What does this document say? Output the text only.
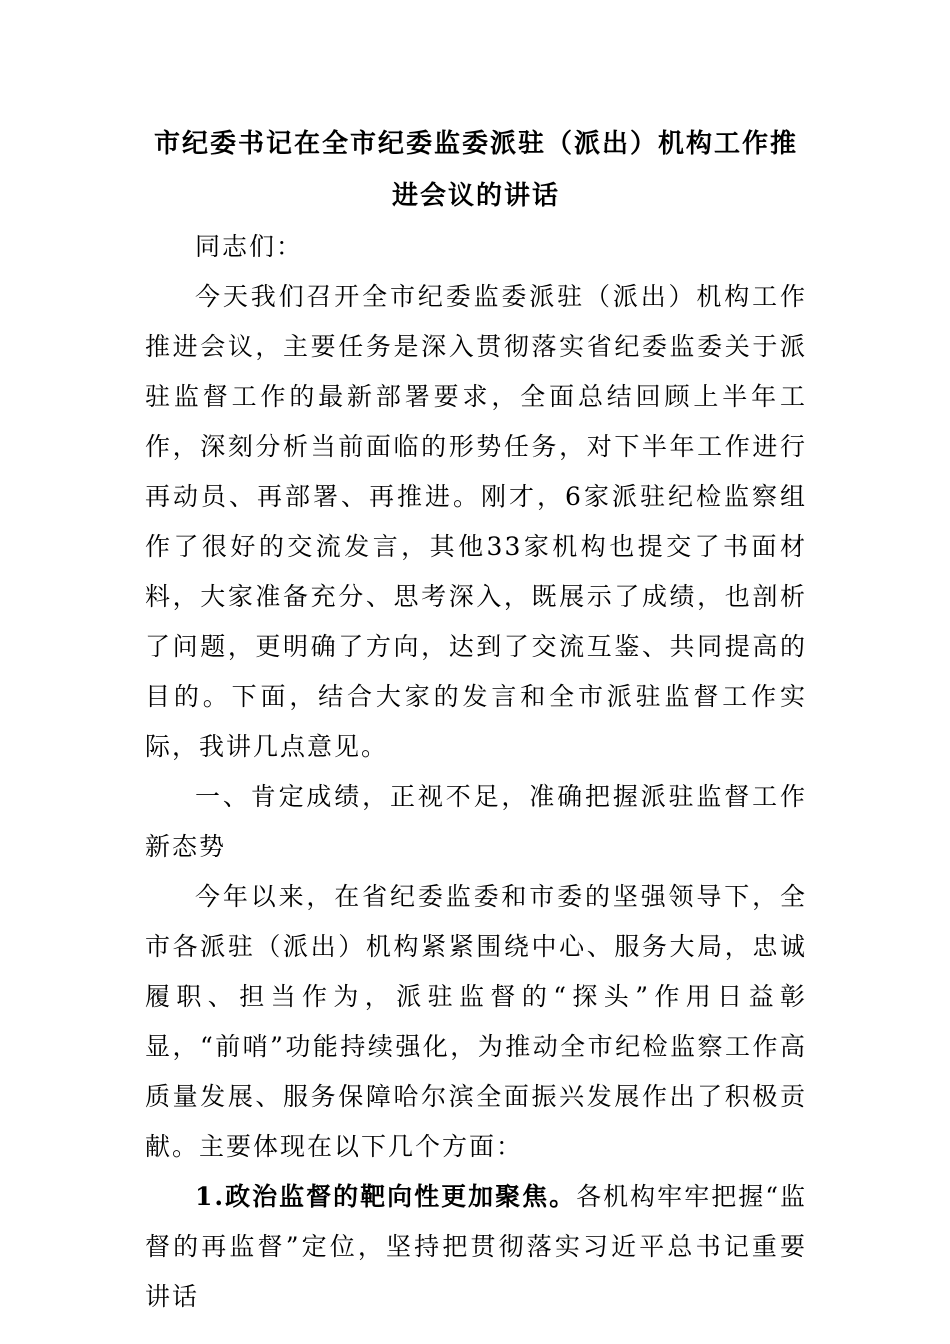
市纪委书记在全市纪委监委派驻（派出）机构工作推进会议的讲话

同志们：

今天我们召开全市纪委监委派驻（派出）机构工作推进会议，主要任务是深入贯彻落实省纪委监委关于派驻监督工作的最新部署要求，全面总结回顾上半年工作，深刻分析当前面临的形势任务，对下半年工作进行再动员、再部署、再推进。刚才，6家派驻纪检监察组作了很好的交流发言，其他33家机构也提交了书面材料，大家准备充分、思考深入，既展示了成绩，也剖析了问题，更明确了方向，达到了交流互鉴、共同提高的目的。下面，结合大家的发言和全市派驻监督工作实际，我讲几点意见。

一、肯定成绩，正视不足，准确把握派驻监督工作新态势

今年以来，在省纪委监委和市委的坚强领导下，全市各派驻（派出）机构紧紧围绕中心、服务大局，忠诚履职、担当作为，派驻监督的“探头”作用日益彰显，“前哨”功能持续强化，为推动全市纪检监察工作高质量发展、服务保障哈尔滨全面振兴发展作出了积极贡献。主要体现在以下几个方面：

1.政治监督的靶向性更加聚焦。各机构牢牢把握“监督的再监督”定位，坚持把贯彻落实习近平总书记重要讲话
